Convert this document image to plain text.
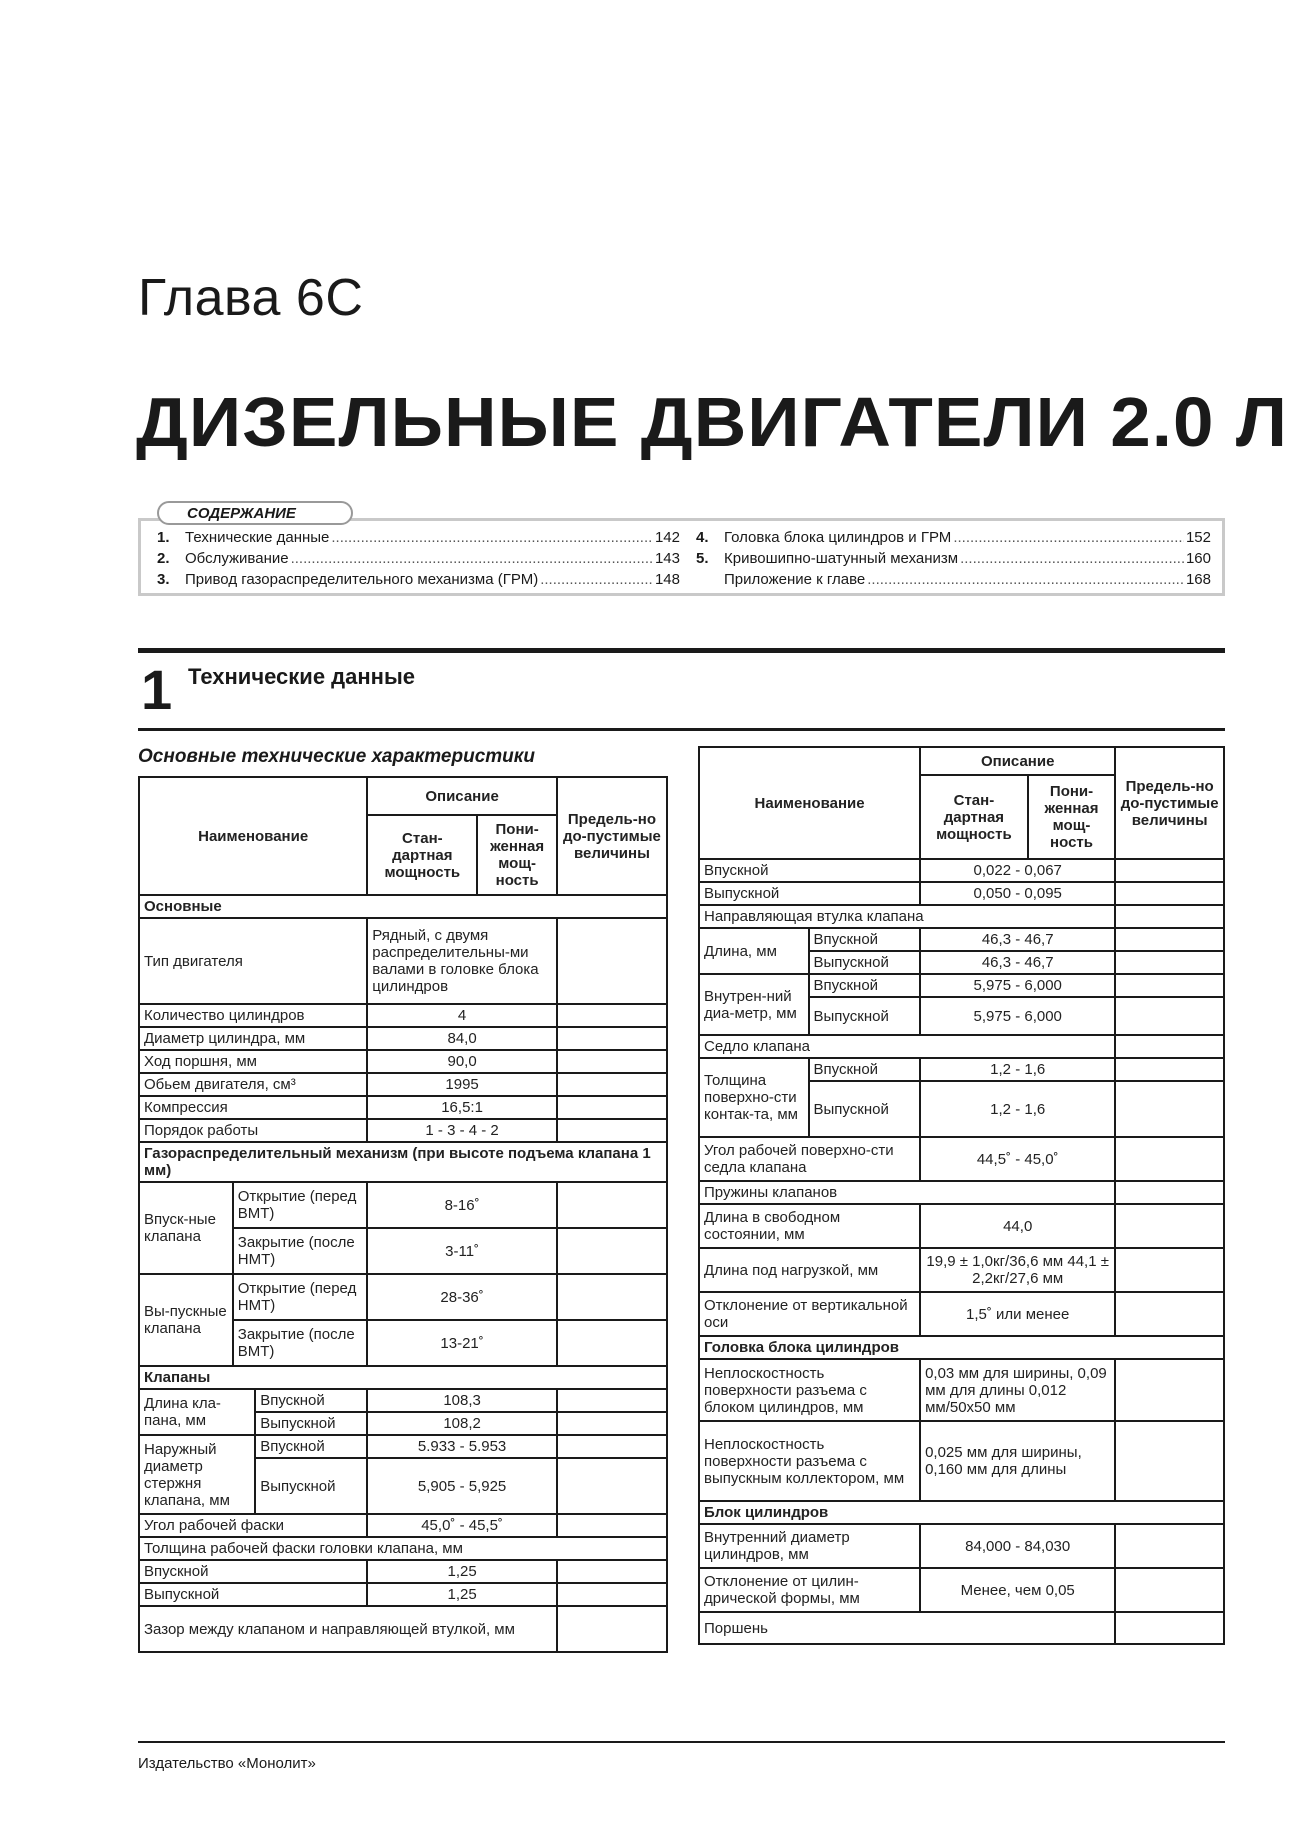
Глава 6С
ДИЗЕЛЬНЫЕ ДВИГАТЕЛИ 2.0 Л
СОДЕРЖАНИЕ
1.	Технические данные .....	142
2.	Обслуживание .....	143
3.	Привод газораспределительного механизма (ГРМ) .....	148
4.	Головка блока цилиндров и ГРМ .....	152
5.	Кривошипно-шатунный механизм .....	160
Приложение к главе .....	168
1 Технические данные
Основные технические характеристики
Наименование			Описание		Предель-но до-пустимые величины
			Стан-дартная мощность	Пони-женная мощ-ность	
Основные					
Тип двигателя			Рядный, с двумя распределительны-ми валами в головке блока цилиндров		
Количество цилиндров			4		
Диаметр цилиндра, мм			84,0		
Ход поршня, мм			90,0		
Обьем двигателя, см³			1995		
Компрессия			16,5:1		
Порядок работы			1 - 3 - 4 - 2		
Газораспределительный механизм (при высоте подъема клапана 1 мм)					
Впуск-ные клапана	Открытие (перед ВМТ)		8-16˚		
	Закрытие (после НМТ)		3-11˚		
Вы-пускные клапана	Открытие (перед НМТ)		28-36˚		
	Закрытие (после ВМТ)		13-21˚		
Клапаны					
Длина кла-пана, мм		Впускной	108,3		
		Выпускной	108,2		
Наружный диаметр стержня клапана, мм		Впускной	5.933 - 5.953		
		Выпускной	5,905 - 5,925		
Угол рабочей фаски			45,0˚ - 45,5˚		
Толщина рабочей фаски головки клапана, мм					
Впускной			1,25		
Выпускной			1,25		
Зазор между клапаном и направляющей втулкой, мм					
Наименование		Описание		Предель-но до-пустимые величины
		Стан-дартная мощность	Пони-женная мощ-ность	
Впускной		0,022 - 0,067		
Выпускной		0,050 - 0,095		
Направляющая втулка клапана				
Длина, мм	Впускной	46,3 - 46,7		
	Выпускной	46,3 - 46,7		
Внутрен-ний диа-метр, мм	Впускной	5,975 - 6,000		
	Выпускной	5,975 - 6,000		
Седло клапана				
Толщина поверхно-сти контак-та, мм	Впускной	1,2 - 1,6		
	Выпускной	1,2 - 1,6		
Угол рабочей поверхно-сти седла клапана		44,5˚ - 45,0˚		
Пружины клапанов				
Длина в свободном состоянии, мм		44,0		
Длина под нагрузкой, мм		19,9 ± 1,0кг/36,6 мм 44,1 ± 2,2кг/27,6 мм		
Отклонение от вертикальной оси		1,5˚ или менее		
Головка блока цилиндров				
Неплоскостность поверхности разъема с блоком цилиндров, мм		0,03 мм для ширины, 0,09 мм для длины 0,012 мм/50х50 мм		
Неплоскостность поверхности разъема с выпускным коллектором, мм		0,025 мм для ширины, 0,160 мм для длины		
Блок цилиндров				
Внутренний диаметр цилиндров, мм		84,000 - 84,030		
Отклонение от цилин-дрической формы, мм		Менее, чем 0,05		
Поршень				
Издательство «Монолит»
